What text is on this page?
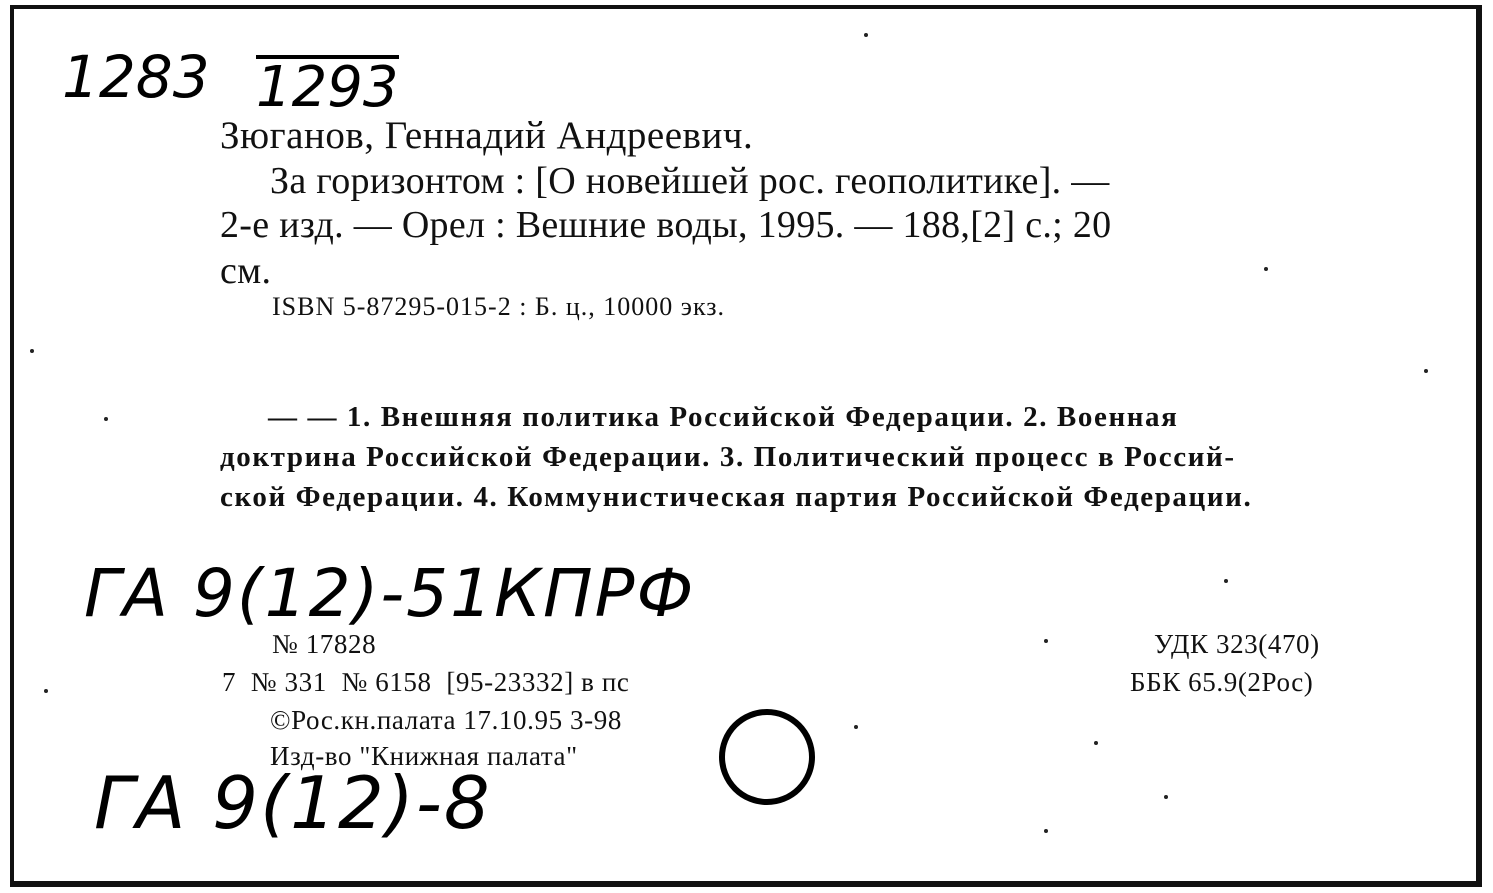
1283 1293
Зюганов, Геннадий Андреевич.
За горизонтом : [О новейшей рос. геополитике]. —
2-е изд. — Орел : Вешние воды, 1995. — 188,[2] с.; 20
см.
ISBN 5-87295-015-2 : Б. ц., 10000 экз.
— — 1. Внешняя политика Российской Федерации. 2. Военная
доктрина Российской Федерации. 3. Политический процесс в Россий-
ской Федерации. 4. Коммунистическая партия Российской Федерации.
ГА 9(12)-51КПРФ
№ 17828
7  № 331  № 6158  [95-23332] в пс
©Рос.кн.палата 17.10.95 3-98
Изд-во "Книжная палата"
УДК 323(470)
ББК 65.9(2Рос)
ГА 9(12)-8
